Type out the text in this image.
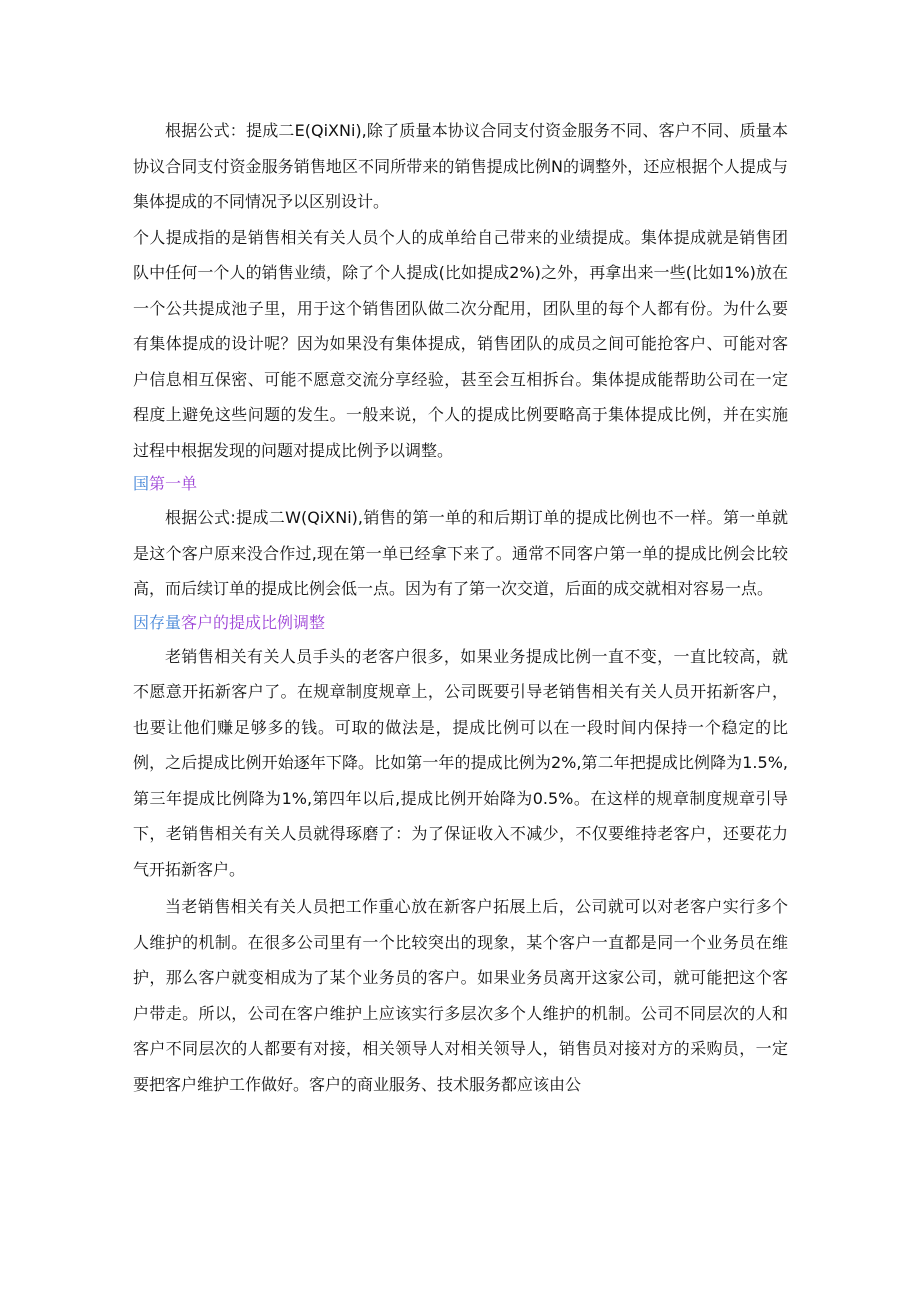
根据公式：提成二E(QiXNi),除了质量本协议合同支付资金服务不同、客户不同、质量本协议合同支付资金服务销售地区不同所带来的销售提成比例N的调整外，还应根据个人提成与集体提成的不同情况予以区别设计。

个人提成指的是销售相关有关人员个人的成单给自己带来的业绩提成。集体提成就是销售团队中任何一个人的销售业绩，除了个人提成(比如提成2%)之外，再拿出来一些(比如1%)放在一个公共提成池子里，用于这个销售团队做二次分配用，团队里的每个人都有份。为什么要有集体提成的设计呢？因为如果没有集体提成，销售团队的成员之间可能抢客户、可能对客户信息相互保密、可能不愿意交流分享经验，甚至会互相拆台。集体提成能帮助公司在一定程度上避免这些问题的发生。一般来说，个人的提成比例要略高于集体提成比例，并在实施过程中根据发现的问题对提成比例予以调整。

国第一单

根据公式:提成二W(QiXNi),销售的第一单的和后期订单的提成比例也不一样。第一单就是这个客户原来没合作过,现在第一单已经拿下来了。通常不同客户第一单的提成比例会比较高，而后续订单的提成比例会低一点。因为有了第一次交道，后面的成交就相对容易一点。

因存量客户的提成比例调整

老销售相关有关人员手头的老客户很多，如果业务提成比例一直不变，一直比较高，就不愿意开拓新客户了。在规章制度规章上，公司既要引导老销售相关有关人员开拓新客户，也要让他们赚足够多的钱。可取的做法是，提成比例可以在一段时间内保持一个稳定的比例，之后提成比例开始逐年下降。比如第一年的提成比例为2%,第二年把提成比例降为1.5%,第三年提成比例降为1%,第四年以后,提成比例开始降为0.5%。在这样的规章制度规章引导下，老销售相关有关人员就得琢磨了：为了保证收入不减少，不仅要维持老客户，还要花力气开拓新客户。

当老销售相关有关人员把工作重心放在新客户拓展上后，公司就可以对老客户实行多个人维护的机制。在很多公司里有一个比较突出的现象，某个客户一直都是同一个业务员在维护，那么客户就变相成为了某个业务员的客户。如果业务员离开这家公司，就可能把这个客户带走。所以，公司在客户维护上应该实行多层次多个人维护的机制。公司不同层次的人和客户不同层次的人都要有对接，相关领导人对相关领导人，销售员对接对方的采购员，一定要把客户维护工作做好。客户的商业服务、技术服务都应该由公
